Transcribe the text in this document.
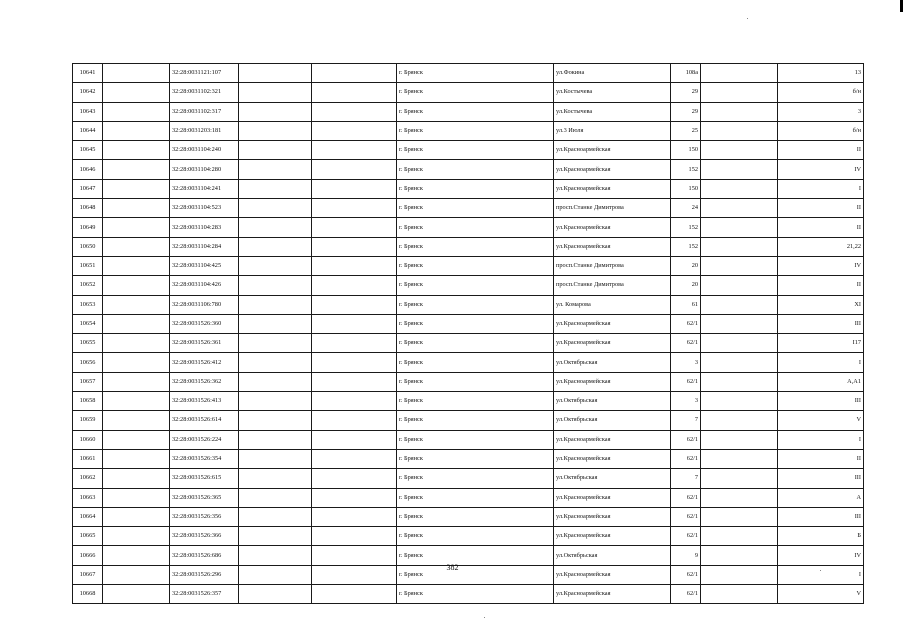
10641		32:28:0031121:107			г. Брянск	ул.Фокина	108а		13
10642		32:28:0031102:321			г. Брянск	ул.Костычева	29		б/н
10643		32:28:0031102:317			г. Брянск	ул.Костычева	29		3
10644		32:28:0031203:181			г. Брянск	ул.3 Июля	25		б/н
10645		32:28:0031104:240			г. Брянск	ул.Красноармейская	150		II
10646		32:28:0031104:280			г. Брянск	ул.Красноармейская	152		IV
10647		32:28:0031104:241			г. Брянск	ул.Красноармейская	150		I
10648		32:28:0031104:523			г. Брянск	просп.Станке Димитрова	24		II
10649		32:28:0031104:283			г. Брянск	ул.Красноармейская	152		II
10650		32:28:0031104:284			г. Брянск	ул.Красноармейская	152		21,22
10651		32:28:0031104:425			г. Брянск	просп.Станке Димитрова	20		IV
10652		32:28:0031104:426			г. Брянск	просп.Станке Димитрова	20		II
10653		32:28:0031106:780			г. Брянск	ул. Комарова	61		XI
10654		32:28:0031526:360			г. Брянск	ул.Красноармейская	62/1		III
10655		32:28:0031526:361			г. Брянск	ул.Красноармейская	62/1		I17
10656		32:28:0031526:412			г. Брянск	ул.Октябрьская	3		I
10657		32:28:0031526:362			г. Брянск	ул.Красноармейская	62/1		А,А1
10658		32:28:0031526:413			г. Брянск	ул.Октябрьская	3		III
10659		32:28:0031526:614			г. Брянск	ул.Октябрьская	7		V
10660		32:28:0031526:224			г. Брянск	ул.Красноармейская	62/1		I
10661		32:28:0031526:354			г. Брянск	ул.Красноармейская	62/1		II
10662		32:28:0031526:615			г. Брянск	ул.Октябрьская	7		III
10663		32:28:0031526:365			г. Брянск	ул.Красноармейская	62/1		А
10664		32:28:0031526:356			г. Брянск	ул.Красноармейская	62/1		III
10665		32:28:0031526:366			г. Брянск	ул.Красноармейская	62/1		Б
10666		32:28:0031526:686			г. Брянск	ул.Октябрьская	9		IV
10667		32:28:0031526:296			г. Брянск	ул.Красноармейская	62/1		I
10668		32:28:0031526:357			г. Брянск	ул.Красноармейская	62/1		V
382
